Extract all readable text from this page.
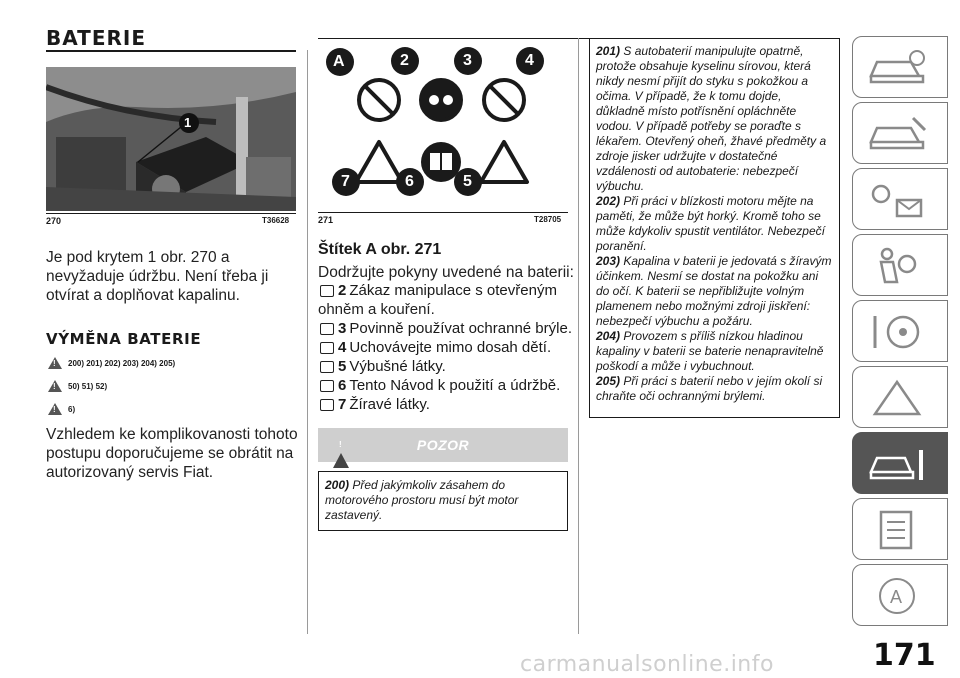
BATERIE
1
270	T36628
Je pod krytem 1 obr. 270 a nevyžaduje údržbu. Není třeba ji otvírat a doplňovat kapalinu.
VÝMĚNA BATERIE
! 200) 201) 202) 203) 204) 205)
! 50) 51) 52)
! 6)
Vzhledem ke komplikovanosti tohoto postupu doporučujeme se obrátit na autorizovaný servis Fiat.
A	2	3	4
7	6	5
271	T28705
Štítek A obr. 271
Dodržujte pokyny uvedené na baterii:
2 Zákaz manipulace s otevřeným
ohněm a kouření.
3 Povinně používat ochranné brýle.
4 Uchovávejte mimo dosah dětí.
5 Výbušné látky.
6 Tento Návod k použití a údržbě.
7 Žíravé látky.
!	POZOR
200) Před jakýmkoliv zásahem do motorového prostoru musí být motor zastavený.

201) S autobaterií manipulujte opatrně, protože obsahuje kyselinu sírovou, která nikdy nesmí přijít do styku s pokožkou a očima. V případě, že k tomu dojde, důkladně místo potřísnění opláchněte vodou. V případě potřeby se poraďte s lékařem. Otevřený oheň, žhavé předměty a zdroje jisker udržujte v dostatečné vzdálenosti od autobaterie: nebezpečí výbuchu.

202) Při práci v blízkosti motoru mějte na paměti, že může být horký. Kromě toho se může kdykoliv spustit ventilátor. Nebezpečí poranění.

203) Kapalina v baterii je jedovatá s žíravým účinkem. Nesmí se dostat na pokožku ani do očí. K baterii se nepřibližujte volným plamenem nebo možnými zdroji jiskření: nebezpečí výbuchu a požáru.

204) Provozem s příliš nízkou hladinou kapaliny v baterii se baterie nenapravitelně poškodí a může i vybuchnout.

205) Při práci s baterií nebo v jejím okolí si chraňte oči ochrannými brýlemi.

A
carmanualsonline.info	171
